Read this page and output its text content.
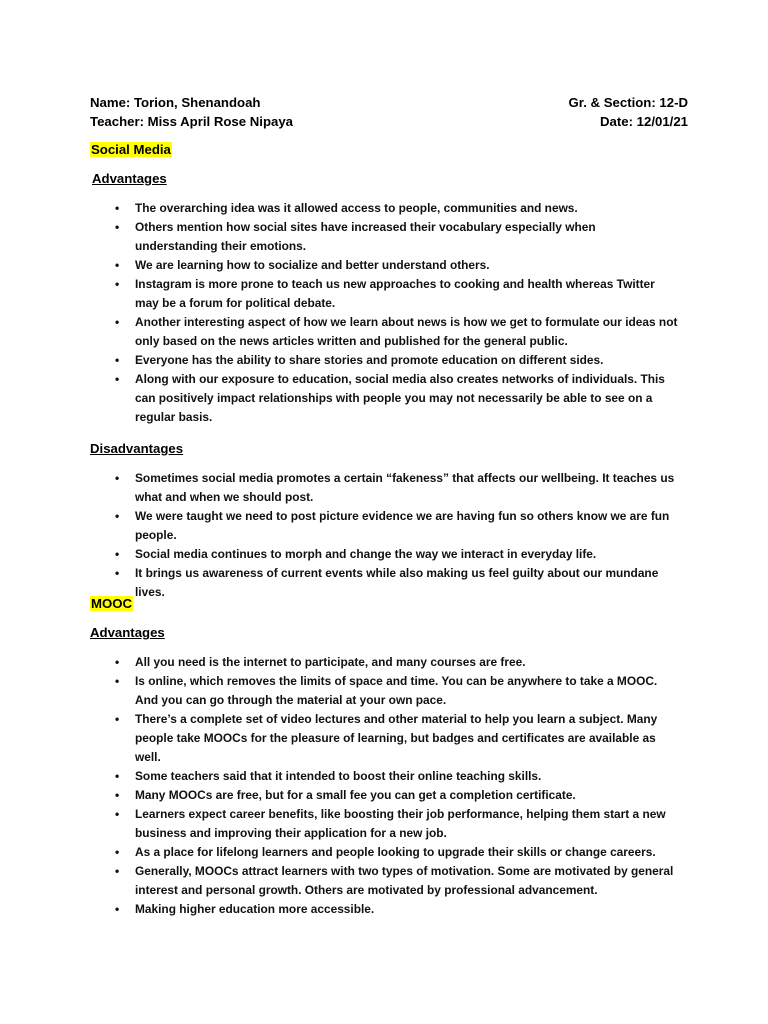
Name: Torion, Shenandoah
Teacher: Miss April Rose Nipaya
Gr. & Section: 12-D
Date: 12/01/21
Social Media
Advantages
• The overarching idea was it allowed access to people, communities and news.
• Others mention how social sites have increased their vocabulary especially when understanding their emotions.
• We are learning how to socialize and better understand others.
• Instagram is more prone to teach us new approaches to cooking and health whereas Twitter may be a forum for political debate.
• Another interesting aspect of how we learn about news is how we get to formulate our ideas not only based on the news articles written and published for the general public.
• Everyone has the ability to share stories and promote education on different sides.
• Along with our exposure to education, social media also creates networks of individuals. This can positively impact relationships with people you may not necessarily be able to see on a regular basis.
Disadvantages
• Sometimes social media promotes a certain “fakeness” that affects our wellbeing. It teaches us what and when we should post.
• We were taught we need to post picture evidence we are having fun so others know we are fun people.
• Social media continues to morph and change the way we interact in everyday life.
• It brings us awareness of current events while also making us feel guilty about our mundane lives.
MOOC
Advantages
• All you need is the internet to participate, and many courses are free.
• Is online, which removes the limits of space and time. You can be anywhere to take a MOOC. And you can go through the material at your own pace.
• There’s a complete set of video lectures and other material to help you learn a subject. Many people take MOOCs for the pleasure of learning, but badges and certificates are available as well.
• Some teachers said that it intended to boost their online teaching skills.
• Many MOOCs are free, but for a small fee you can get a completion certificate.
• Learners expect career benefits, like boosting their job performance, helping them start a new business and improving their application for a new job.
• As a place for lifelong learners and people looking to upgrade their skills or change careers.
• Generally, MOOCs attract learners with two types of motivation. Some are motivated by general interest and personal growth. Others are motivated by professional advancement.
• Making higher education more accessible.
